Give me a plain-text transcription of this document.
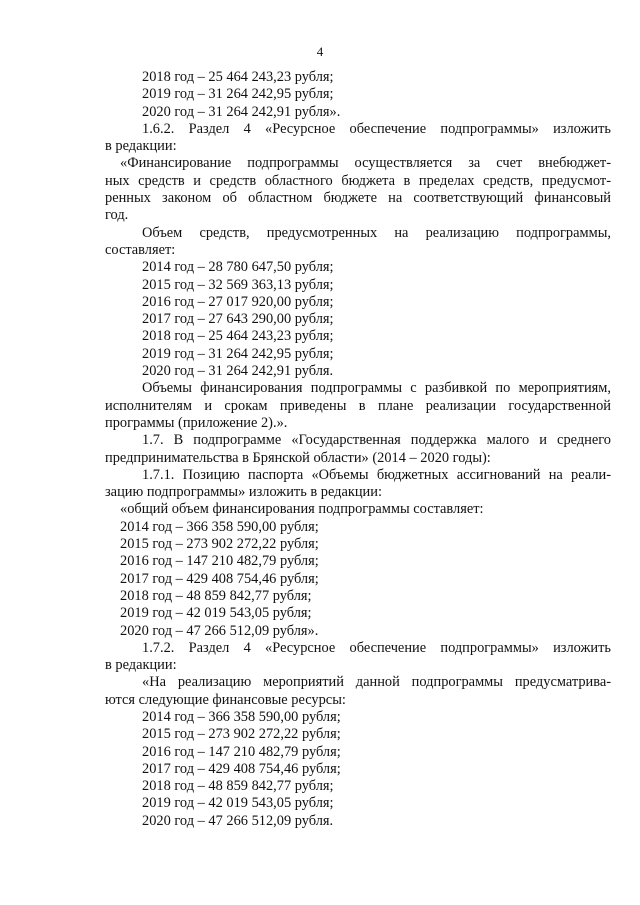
4
2018 год – 25 464 243,23 рубля;
2019 год – 31 264 242,95 рубля;
2020 год – 31 264 242,91 рубля».
1.6.2. Раздел 4 «Ресурсное обеспечение подпрограммы» изложить
в редакции:
«Финансирование подпрограммы осуществляется за счет внебюджет-
ных средств и средств областного бюджета в пределах средств, предусмот-
ренных законом об областном бюджете на соответствующий финансовый
год.
Объем средств, предусмотренных на реализацию подпрограммы,
составляет:
2014 год – 28 780 647,50 рубля;
2015 год – 32 569 363,13 рубля;
2016 год – 27 017 920,00 рубля;
2017 год – 27 643 290,00 рубля;
2018 год – 25 464 243,23 рубля;
2019 год – 31 264 242,95 рубля;
2020 год – 31 264 242,91 рубля.
Объемы финансирования подпрограммы с разбивкой по мероприятиям,
исполнителям и срокам приведены в плане реализации государственной
программы (приложение 2).».
1.7. В подпрограмме «Государственная поддержка малого и среднего
предпринимательства в Брянской области» (2014 – 2020 годы):
1.7.1. Позицию паспорта «Объемы бюджетных ассигнований на реали-
зацию подпрограммы» изложить в редакции:
«общий объем финансирования подпрограммы составляет:
2014 год – 366 358 590,00 рубля;
2015 год – 273 902 272,22 рубля;
2016 год – 147 210 482,79 рубля;
2017 год – 429 408 754,46 рубля;
2018 год – 48 859 842,77 рубля;
2019 год – 42 019 543,05 рубля;
2020 год – 47 266 512,09 рубля».
1.7.2. Раздел 4 «Ресурсное обеспечение подпрограммы» изложить
в редакции:
«На реализацию мероприятий данной подпрограммы предусматрива-
ются следующие финансовые ресурсы:
2014 год – 366 358 590,00 рубля;
2015 год – 273 902 272,22 рубля;
2016 год – 147 210 482,79 рубля;
2017 год – 429 408 754,46 рубля;
2018 год – 48 859 842,77 рубля;
2019 год – 42 019 543,05 рубля;
2020 год – 47 266 512,09 рубля.
